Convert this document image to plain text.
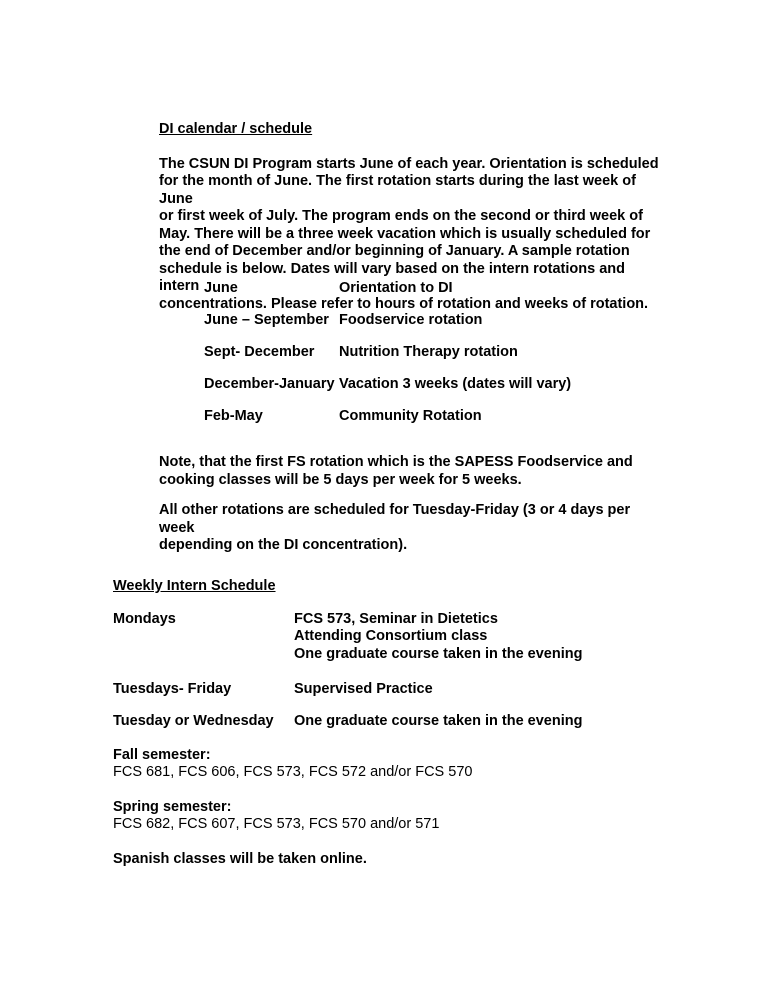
DI calendar / schedule
The CSUN DI Program starts June of each year. Orientation is scheduled
for the month of June. The first rotation starts during the last week of June
or first week of July. The program ends on the second or third week of
May. There will be a three week vacation which is usually scheduled for
the end of December and/or beginning of January. A sample rotation
schedule is below. Dates will vary based on the intern rotations and intern
concentrations. Please refer to hours of rotation and weeks of rotation.
June	Orientation to DI
June – September Foodservice rotation
Sept- December Nutrition Therapy rotation
December-January Vacation 3 weeks (dates will vary)
Feb-May	Community Rotation
Note, that the first FS rotation which is the SAPESS Foodservice and
cooking classes will be 5 days per week for 5 weeks.
All other rotations are scheduled for Tuesday-Friday (3 or 4 days per week
depending on the DI concentration).
Weekly Intern Schedule
Mondays	FCS 573, Seminar in Dietetics
Attending Consortium class
One graduate course taken in the evening
Tuesdays- Friday	Supervised Practice
Tuesday or Wednesday One graduate course taken in the evening
Fall semester:
FCS 681, FCS 606, FCS 573, FCS 572 and/or FCS 570
Spring semester:
FCS 682, FCS 607, FCS 573, FCS 570 and/or 571
Spanish classes will be taken online.
